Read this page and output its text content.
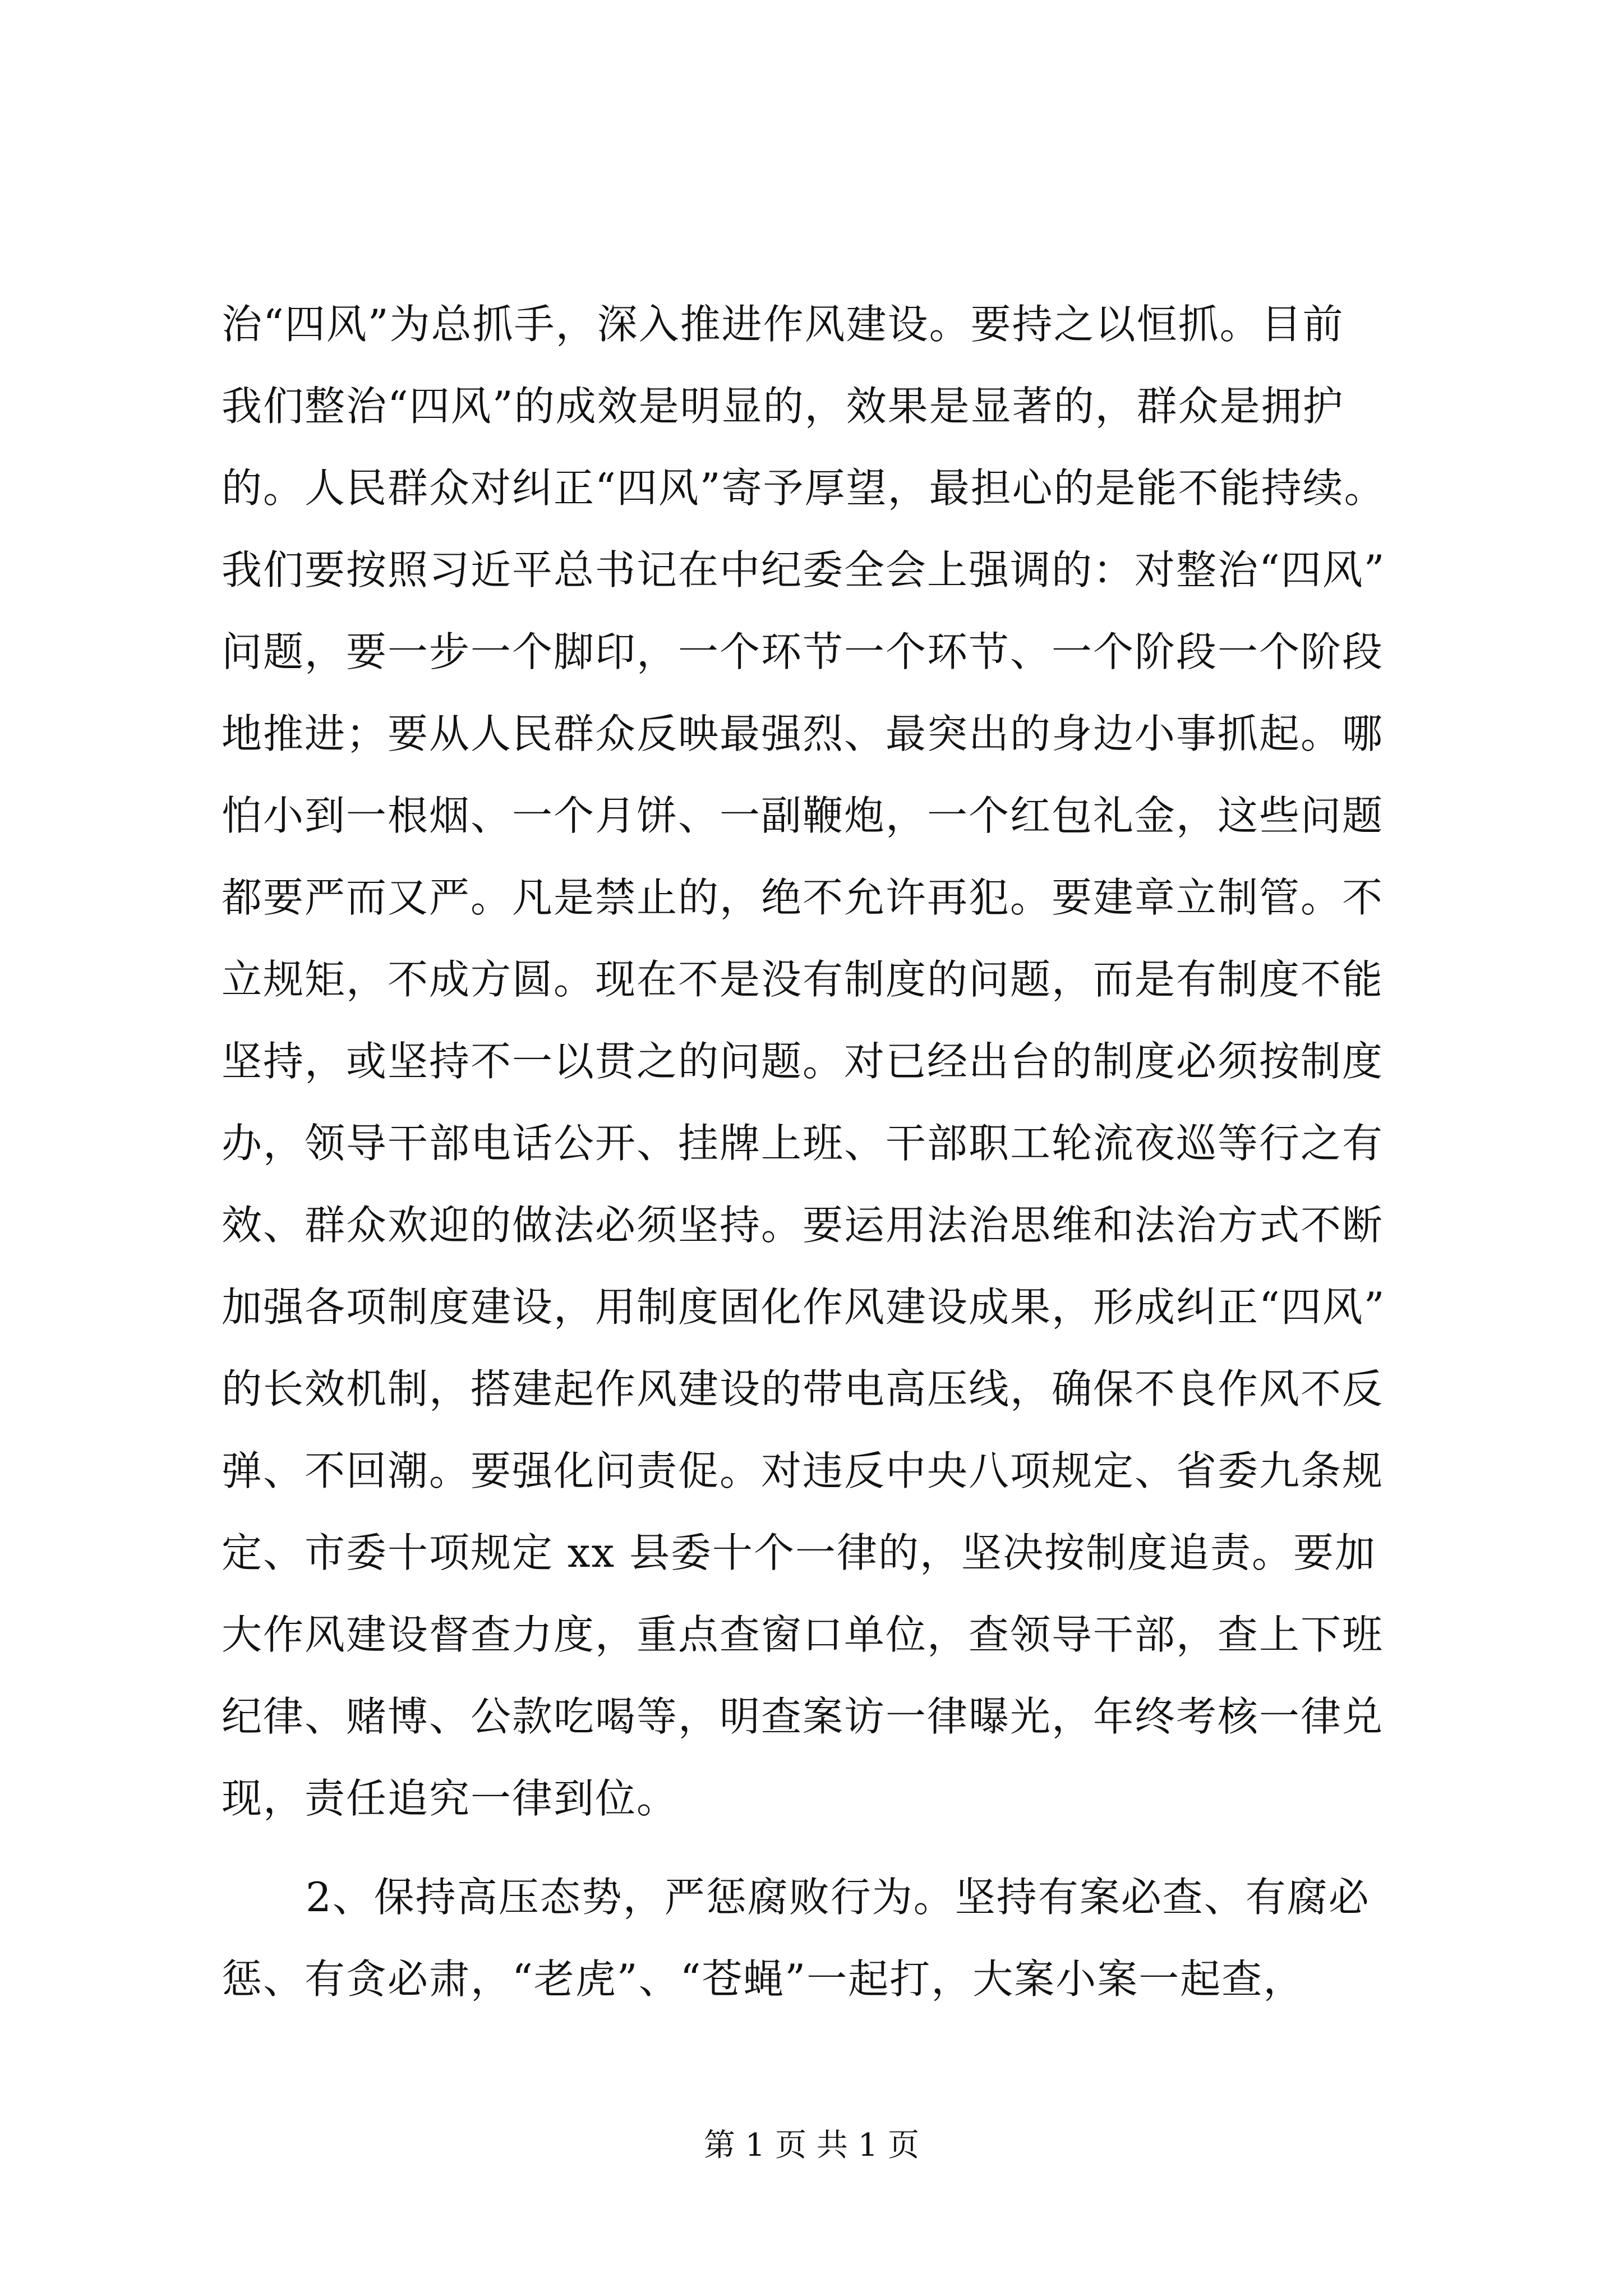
治“四风”为总抓手，深入推进作风建设。要持之以恒抓。目前
我们整治“四风”的成效是明显的，效果是显著的，群众是拥护
的。人民群众对纠正“四风”寄予厚望，最担心的是能不能持续。
我们要按照习近平总书记在中纪委全会上强调的：对整治“四风”
问题，要一步一个脚印，一个环节一个环节、一个阶段一个阶段
地推进；要从人民群众反映最强烈、最突出的身边小事抓起。哪
怕小到一根烟、一个月饼、一副鞭炮，一个红包礼金，这些问题
都要严而又严。凡是禁止的，绝不允许再犯。要建章立制管。不
立规矩，不成方圆。现在不是没有制度的问题，而是有制度不能
坚持，或坚持不一以贯之的问题。对已经出台的制度必须按制度
办，领导干部电话公开、挂牌上班、干部职工轮流夜巡等行之有
效、群众欢迎的做法必须坚持。要运用法治思维和法治方式不断
加强各项制度建设，用制度固化作风建设成果，形成纠正“四风”
的长效机制，搭建起作风建设的带电高压线，确保不良作风不反
弹、不回潮。要强化问责促。对违反中央八项规定、省委九条规
定、市委十项规定 xx 县委十个一律的，坚决按制度追责。要加
大作风建设督查力度，重点查窗口单位，查领导干部，查上下班
纪律、赌博、公款吃喝等，明查案访一律曝光，年终考核一律兑
现，责任追究一律到位。
2、保持高压态势，严惩腐败行为。坚持有案必查、有腐必
惩、有贪必肃，“老虎”、“苍蝇”一起打，大案小案一起查，
第 1 页 共 1 页
